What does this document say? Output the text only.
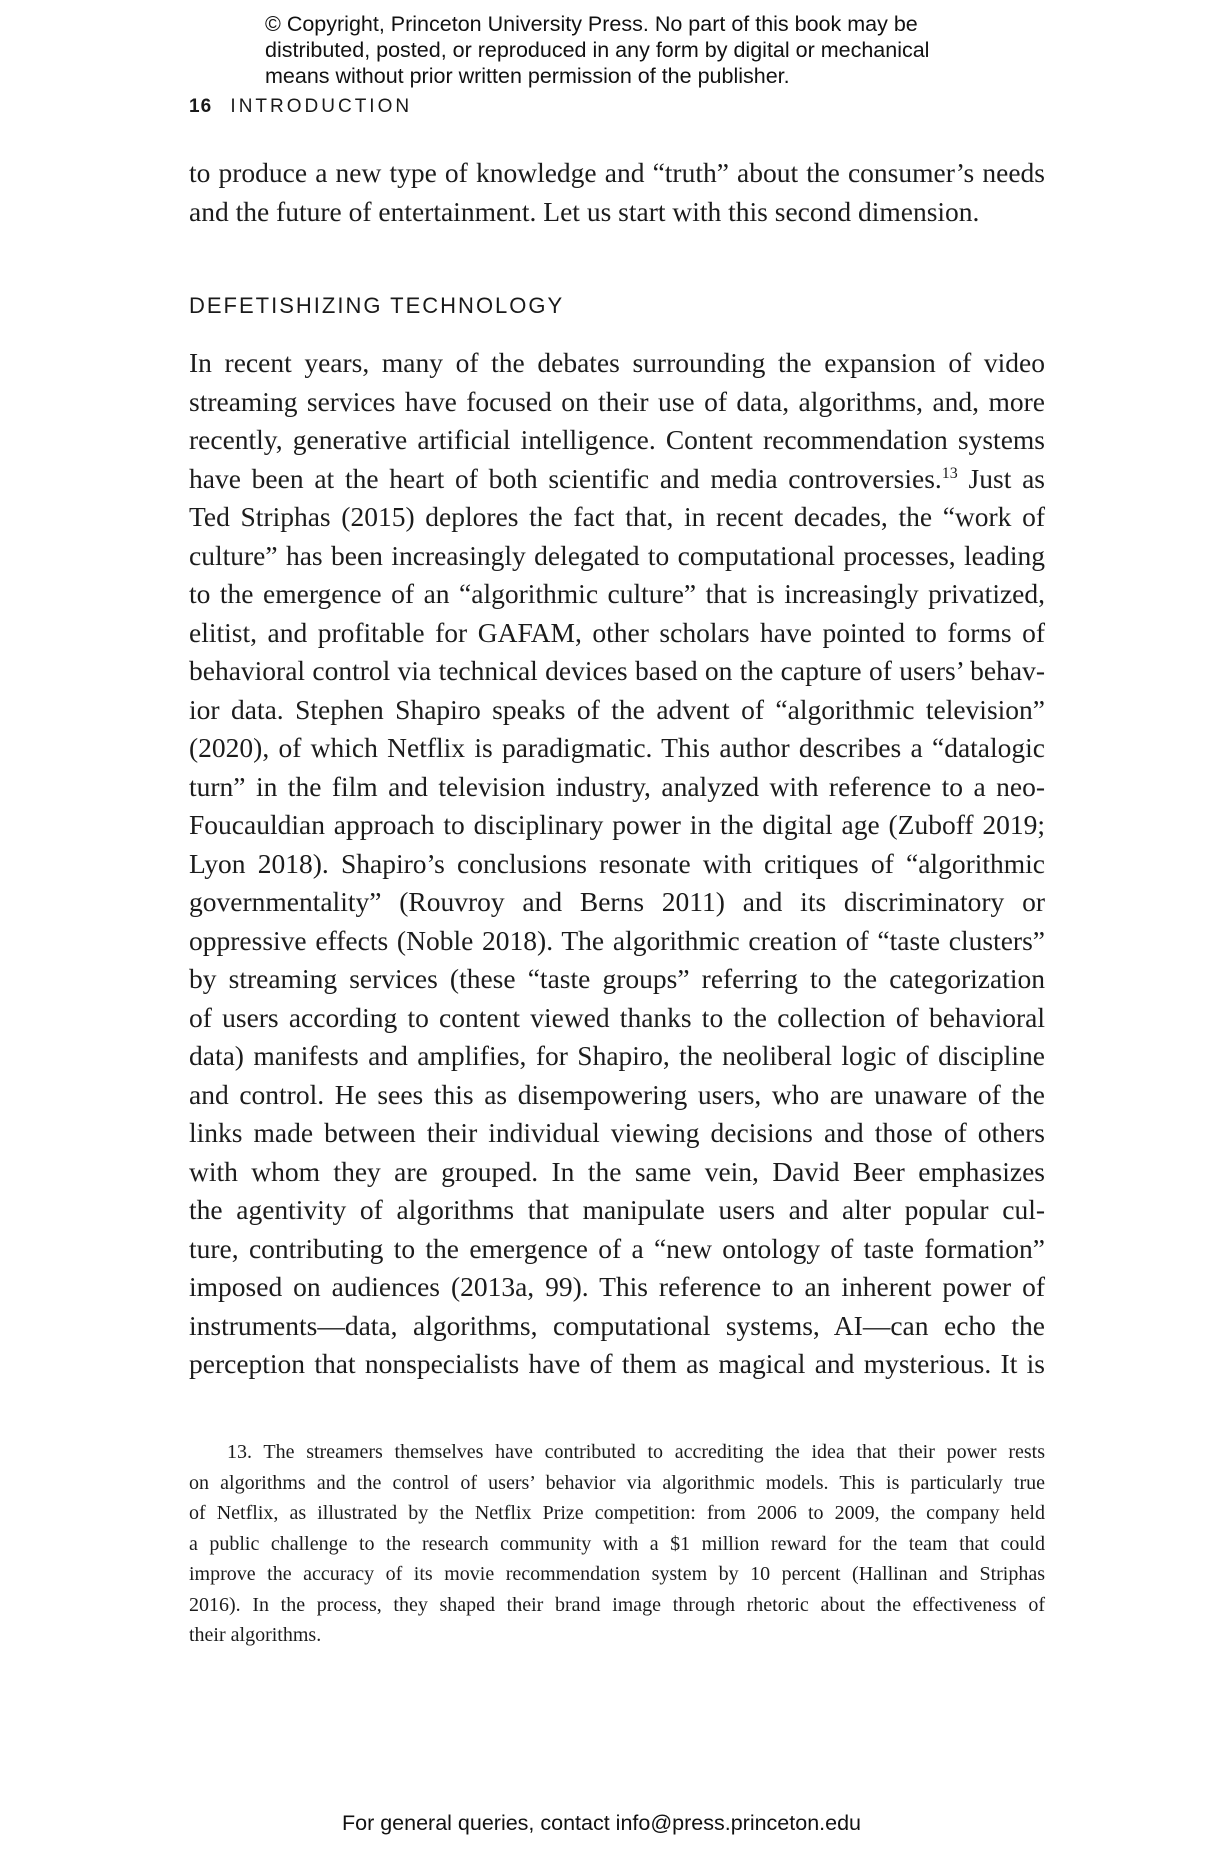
© Copyright, Princeton University Press. No part of this book may be
distributed, posted, or reproduced in any form by digital or mechanical
means without prior written permission of the publisher.
16 INTRODUCTION
to produce a new type of knowledge and “truth” about the consumer’s needs
and the future of entertainment. Let us start with this second dimension.
DEFETISHIZING TECHNOLOGY
In recent years, many of the debates surrounding the expansion of video
streaming services have focused on their use of data, algorithms, and, more
recently, generative artificial intelligence. Content recommendation systems
have been at the heart of both scientific and media controversies.$^{13}$ Just as
Ted Striphas (2015) deplores the fact that, in recent decades, the “work of
culture” has been increasingly delegated to computational processes, leading
to the emergence of an “algorithmic culture” that is increasingly privatized,
elitist, and profitable for GAFAM, other scholars have pointed to forms of
behavioral control via technical devices based on the capture of users’ behav-
ior data. Stephen Shapiro speaks of the advent of “algorithmic television”
(2020), of which Netflix is paradigmatic. This author describes a “datalogic
turn” in the film and television industry, analyzed with reference to a neo-
Foucauldian approach to disciplinary power in the digital age (Zuboff 2019;
Lyon 2018). Shapiro’s conclusions resonate with critiques of “algorithmic
governmentality” (Rouvroy and Berns 2011) and its discriminatory or
oppressive effects (Noble 2018). The algorithmic creation of “taste clusters”
by streaming services (these “taste groups” referring to the categorization
of users according to content viewed thanks to the collection of behavioral
data) manifests and amplifies, for Shapiro, the neoliberal logic of discipline
and control. He sees this as disempowering users, who are unaware of the
links made between their individual viewing decisions and those of others
with whom they are grouped. In the same vein, David Beer emphasizes
the agentivity of algorithms that manipulate users and alter popular cul-
ture, contributing to the emergence of a “new ontology of taste formation”
imposed on audiences (2013a, 99). This reference to an inherent power of
instruments—data, algorithms, computational systems, AI—can echo the
perception that nonspecialists have of them as magical and mysterious. It is
13. The streamers themselves have contributed to accrediting the idea that their power rests
on algorithms and the control of users’ behavior via algorithmic models. This is particularly true
of Netflix, as illustrated by the Netflix Prize competition: from 2006 to 2009, the company held
a public challenge to the research community with a $1 million reward for the team that could
improve the accuracy of its movie recommendation system by 10 percent (Hallinan and Striphas
2016). In the process, they shaped their brand image through rhetoric about the effectiveness of
their algorithms.
For general queries, contact info@press.princeton.edu
